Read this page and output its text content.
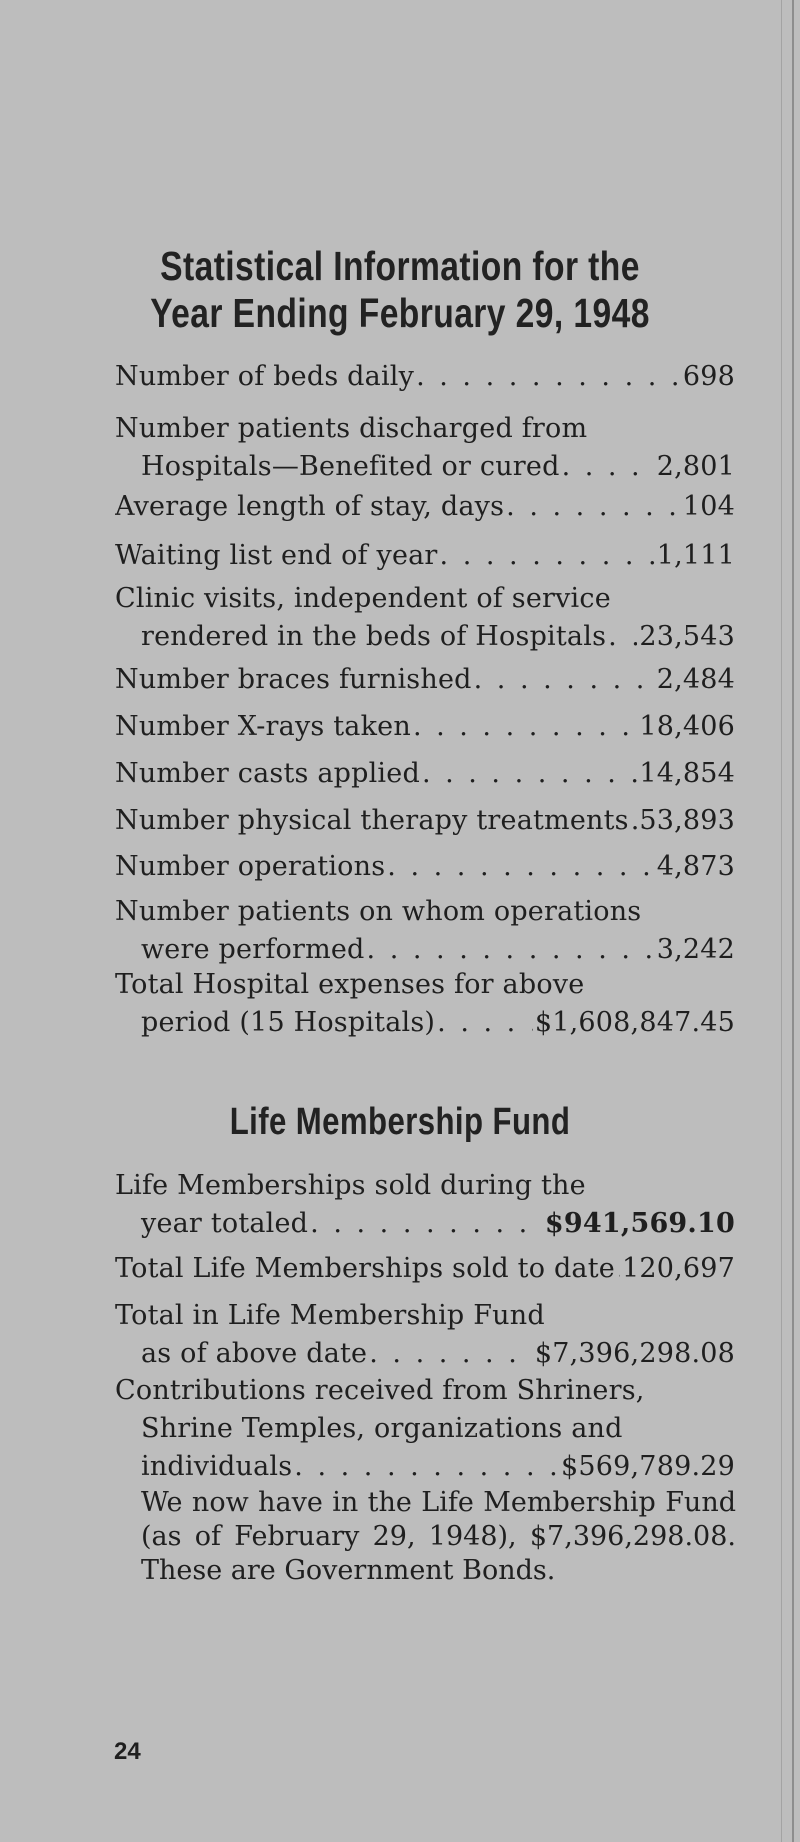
Statistical Information for the
Year Ending February 29, 1948
Number of beds daily . . .	698
Number patients discharged from
Hospitals—Benefited or cured . . .	2,801
Average length of stay, days . . .	104
Waiting list end of year . . .	1,111
Clinic visits, independent of service
rendered in the beds of Hospitals . . . 23,543
Number braces furnished . . .	2,484
Number X-rays taken . . .	18,406
Number casts applied . . .	14,854
Number physical therapy treatments . . . 53,893
Number operations . . .	4,873
Number patients on whom operations
were performed . . .	3,242
Total Hospital expenses for above
period (15 Hospitals) . . .	$1,608,847.45
Life Membership Fund
Life Memberships sold during the
year totaled . . .	$941,569.10
Total Life Memberships sold to date . . . 120,697
Total in Life Membership Fund
as of above date . . .	$7,396,298.08
Contributions received from Shriners,
Shrine Temples, organizations and
individuals . . .	$569,789.29
We now have in the Life Membership Fund (as of February 29, 1948), $7,396,298.08. These are Government Bonds.
24
